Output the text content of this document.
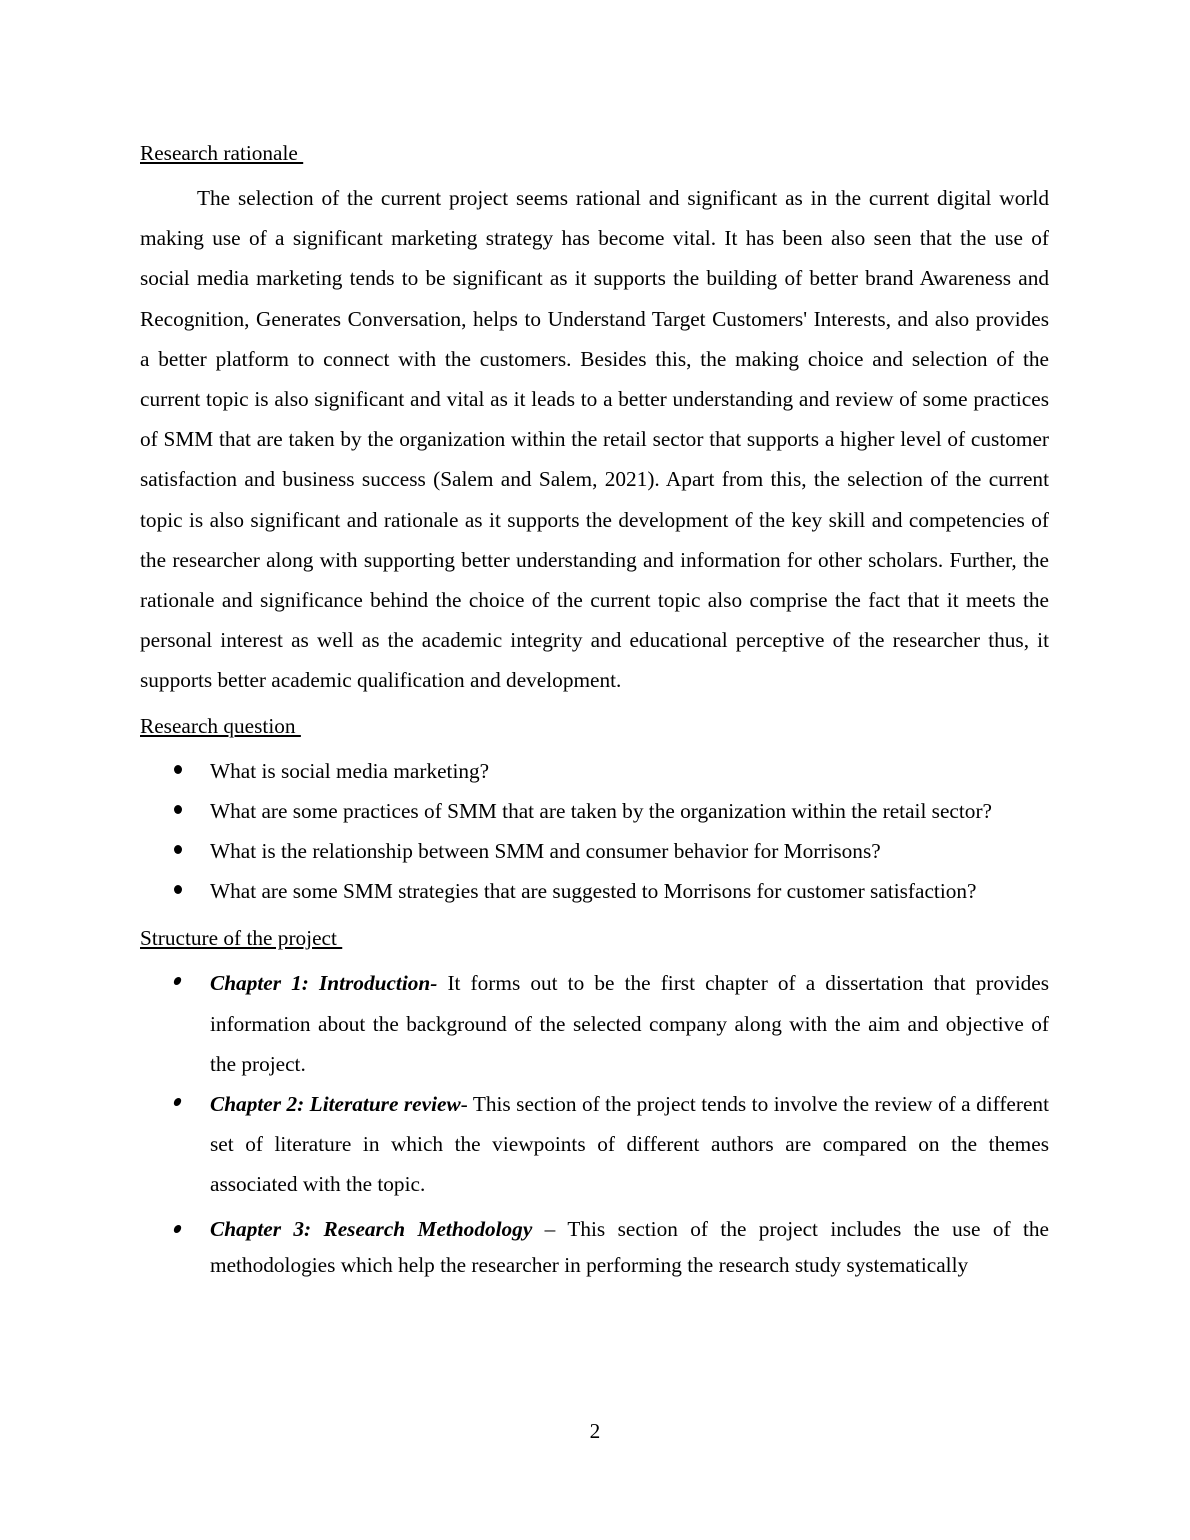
Research rationale

The selection of the current project seems rational and significant as in the current digital world making use of a significant marketing strategy has become vital. It has been also seen that the use of social media marketing tends to be significant as it supports the building of better brand Awareness and Recognition, Generates Conversation, helps to Understand Target Customers' Interests, and also provides a better platform to connect with the customers. Besides this, the making choice and selection of the current topic is also significant and vital as it leads to a better understanding and review of some practices of SMM that are taken by the organization within the retail sector that supports a higher level of customer satisfaction and business success (Salem and Salem, 2021). Apart from this, the selection of the current topic is also significant and rationale as it supports the development of the key skill and competencies of the researcher along with supporting better understanding and information for other scholars. Further, the rationale and significance behind the choice of the current topic also comprise the fact that it meets the personal interest as well as the academic integrity and educational perceptive of the researcher thus, it supports better academic qualification and development.

Research question
What is social media marketing?
What are some practices of SMM that are taken by the organization within the retail sector?
What is the relationship between SMM and consumer behavior for Morrisons?
What are some SMM strategies that are suggested to Morrisons for customer satisfaction?
Structure of the project
Chapter 1: Introduction- It forms out to be the first chapter of a dissertation that provides information about the background of the selected company along with the aim and objective of the project.
Chapter 2: Literature review- This section of the project tends to involve the review of a different set of literature in which the viewpoints of different authors are compared on the themes associated with the topic.
Chapter 3: Research Methodology – This section of the project includes the use of the methodologies which help the researcher in performing the research study systematically
2
